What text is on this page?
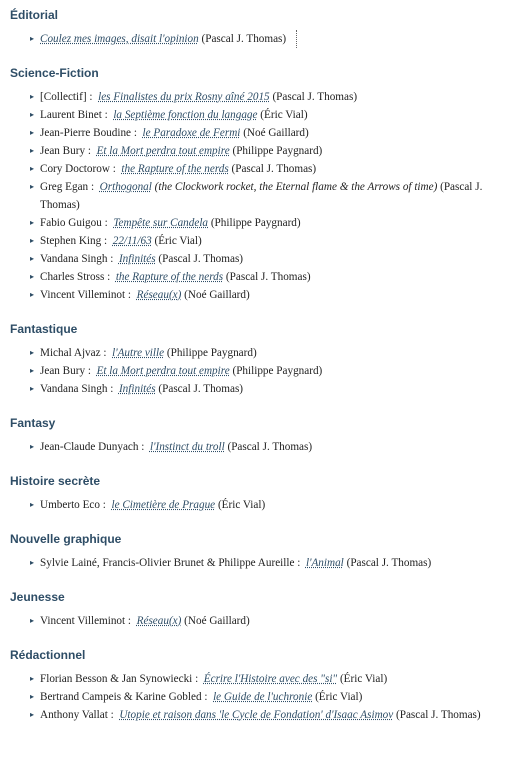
Éditorial
▸ Coulez mes images, disait l'opinion (Pascal J. Thomas)
Science-Fiction
▸ [Collectif] : les Finalistes du prix Rosny aîné 2015 (Pascal J. Thomas)
▸ Laurent Binet : la Septième fonction du langage (Éric Vial)
▸ Jean-Pierre Boudine : le Paradoxe de Fermi (Noé Gaillard)
▸ Jean Bury : Et la Mort perdra tout empire (Philippe Paygnard)
▸ Cory Doctorow : the Rapture of the nerds (Pascal J. Thomas)
▸ Greg Egan : Orthogonal (the Clockwork rocket, the Eternal flame & the Arrows of time) (Pascal J. Thomas)
▸ Fabio Guigou : Tempête sur Candela (Philippe Paygnard)
▸ Stephen King : 22/11/63 (Éric Vial)
▸ Vandana Singh : Infinités (Pascal J. Thomas)
▸ Charles Stross : the Rapture of the nerds (Pascal J. Thomas)
▸ Vincent Villeminot : Réseau(x) (Noé Gaillard)
Fantastique
▸ Michal Ajvaz : l'Autre ville (Philippe Paygnard)
▸ Jean Bury : Et la Mort perdra tout empire (Philippe Paygnard)
▸ Vandana Singh : Infinités (Pascal J. Thomas)
Fantasy
▸ Jean-Claude Dunyach : l'Instinct du troll (Pascal J. Thomas)
Histoire secrète
▸ Umberto Eco : le Cimetière de Prague (Éric Vial)
Nouvelle graphique
▸ Sylvie Lainé, Francis-Olivier Brunet & Philippe Aureille : l'Animal (Pascal J. Thomas)
Jeunesse
▸ Vincent Villeminot : Réseau(x) (Noé Gaillard)
Rédactionnel
▸ Florian Besson & Jan Synowiecki : Écrire l'Histoire avec des "si" (Éric Vial)
▸ Bertrand Campeis & Karine Gobled : le Guide de l'uchronie (Éric Vial)
▸ Anthony Vallat : Utopie et raison dans 'le Cycle de Fondation' d'Isaac Asimov (Pascal J. Thomas)
